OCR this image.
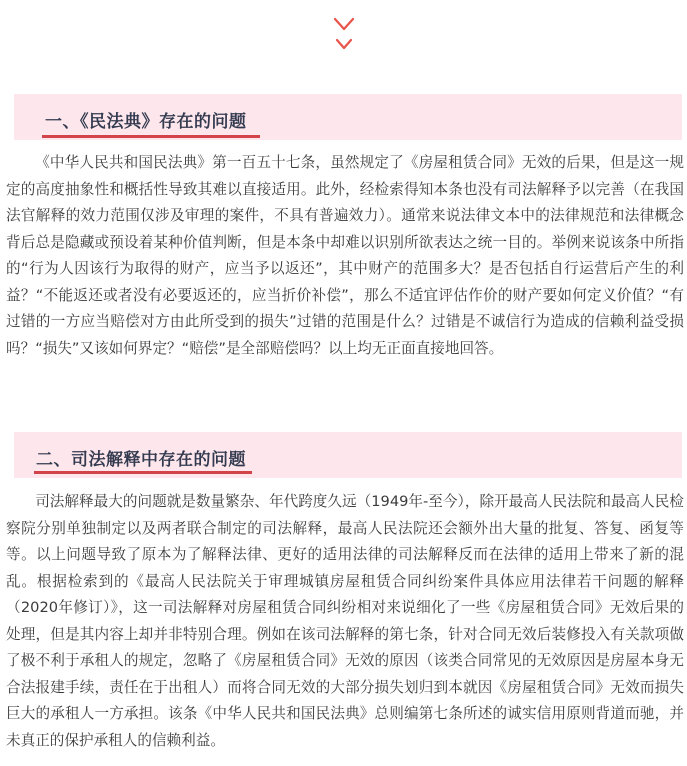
一、《民法典》存在的问题

《中华人民共和国民法典》第一百五十七条，虽然规定了《房屋租赁合同》无效的后果，但是这一规定的高度抽象性和概括性导致其难以直接适用。此外，经检索得知本条也没有司法解释予以完善（在我国法官解释的效力范围仅涉及审理的案件，不具有普遍效力）。通常来说法律文本中的法律规范和法律概念背后总是隐藏或预设着某种价值判断，但是本条中却难以识别所欲表达之统一目的。举例来说该条中所指的“行为人因该行为取得的财产，应当予以返还”，其中财产的范围多大？是否包括自行运营后产生的利益？“不能返还或者没有必要返还的，应当折价补偿”，那么不适宜评估作价的财产要如何定义价值？“有过错的一方应当赔偿对方由此所受到的损失”过错的范围是什么？过错是不诚信行为造成的信赖利益受损吗？“损失”又该如何界定？“赔偿”是全部赔偿吗？以上均无正面直接地回答。

二、司法解释中存在的问题

司法解释最大的问题就是数量繁杂、年代跨度久远（1949年-至今），除开最高人民法院和最高人民检察院分别单独制定以及两者联合制定的司法解释，最高人民法院还会额外出大量的批复、答复、函复等等。以上问题导致了原本为了解释法律、更好的适用法律的司法解释反而在法律的适用上带来了新的混乱。根据检索到的《最高人民法院关于审理城镇房屋租赁合同纠纷案件具体应用法律若干问题的解释（2020年修订）》，这一司法解释对房屋租赁合同纠纷相对来说细化了一些《房屋租赁合同》无效后果的处理，但是其内容上却并非特别合理。例如在该司法解释的第七条，针对合同无效后装修投入有关款项做了极不利于承租人的规定，忽略了《房屋租赁合同》无效的原因（该类合同常见的无效原因是房屋本身无合法报建手续，责任在于出租人）而将合同无效的大部分损失划归到本就因《房屋租赁合同》无效而损失巨大的承租人一方承担。该条《中华人民共和国民法典》总则编第七条所述的诚实信用原则背道而驰，并未真正的保护承租人的信赖利益。
